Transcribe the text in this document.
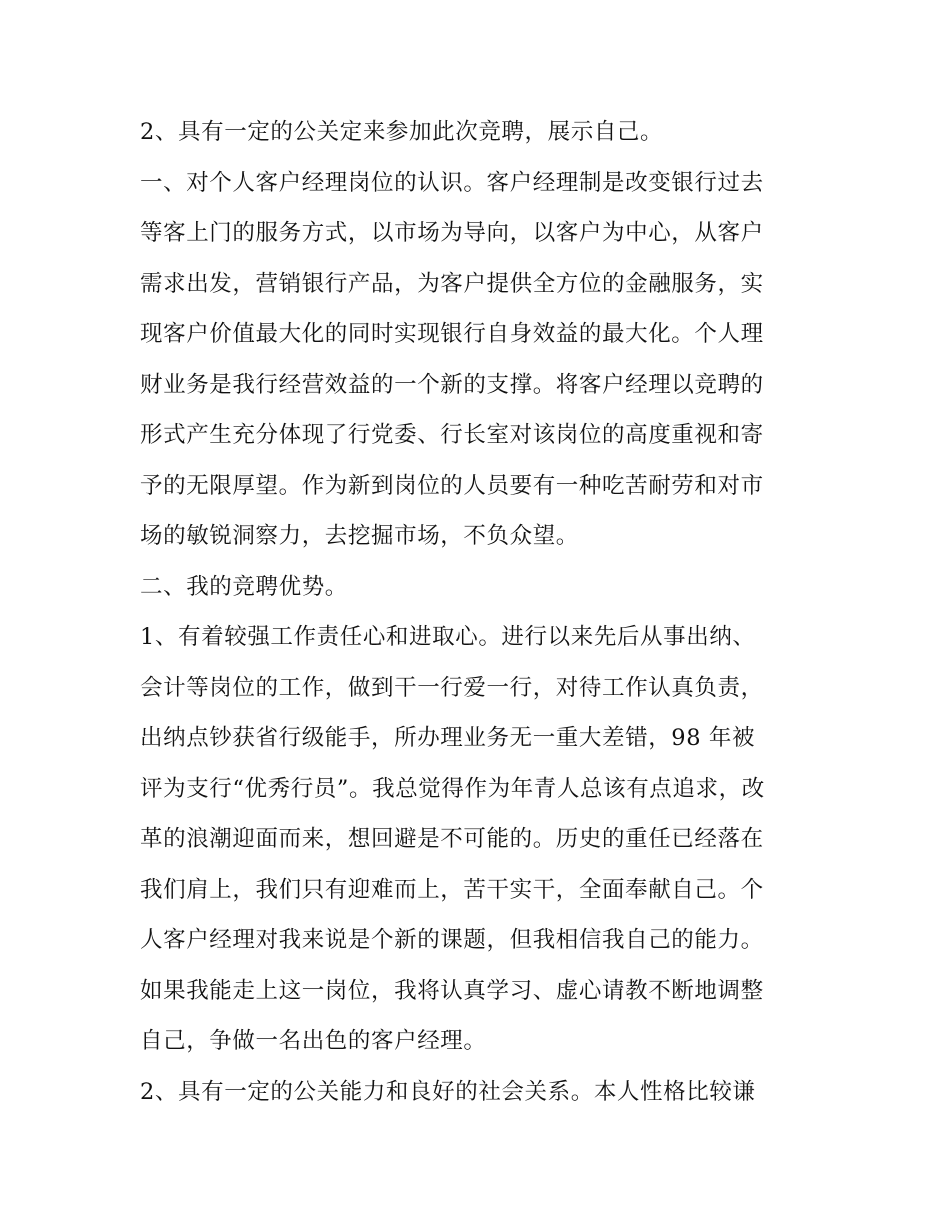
2、具有一定的公关定来参加此次竞聘，展示自己。
一、对个人客户经理岗位的认识。客户经理制是改变银行过去
等客上门的服务方式，以市场为导向，以客户为中心，从客户
需求出发，营销银行产品，为客户提供全方位的金融服务，实
现客户价值最大化的同时实现银行自身效益的最大化。个人理
财业务是我行经营效益的一个新的支撑。将客户经理以竞聘的
形式产生充分体现了行党委、行长室对该岗位的高度重视和寄
予的无限厚望。作为新到岗位的人员要有一种吃苦耐劳和对市
场的敏锐洞察力，去挖掘市场，不负众望。
二、我的竞聘优势。
1、有着较强工作责任心和进取心。进行以来先后从事出纳、
会计等岗位的工作，做到干一行爱一行，对待工作认真负责，
出纳点钞获省行级能手，所办理业务无一重大差错，98 年被
评为支行“优秀行员”。我总觉得作为年青人总该有点追求，改
革的浪潮迎面而来，想回避是不可能的。历史的重任已经落在
我们肩上，我们只有迎难而上，苦干实干，全面奉献自己。个
人客户经理对我来说是个新的课题，但我相信我自己的能力。
如果我能走上这一岗位，我将认真学习、虚心请教不断地调整
自己，争做一名出色的客户经理。
2、具有一定的公关能力和良好的社会关系。本人性格比较谦
